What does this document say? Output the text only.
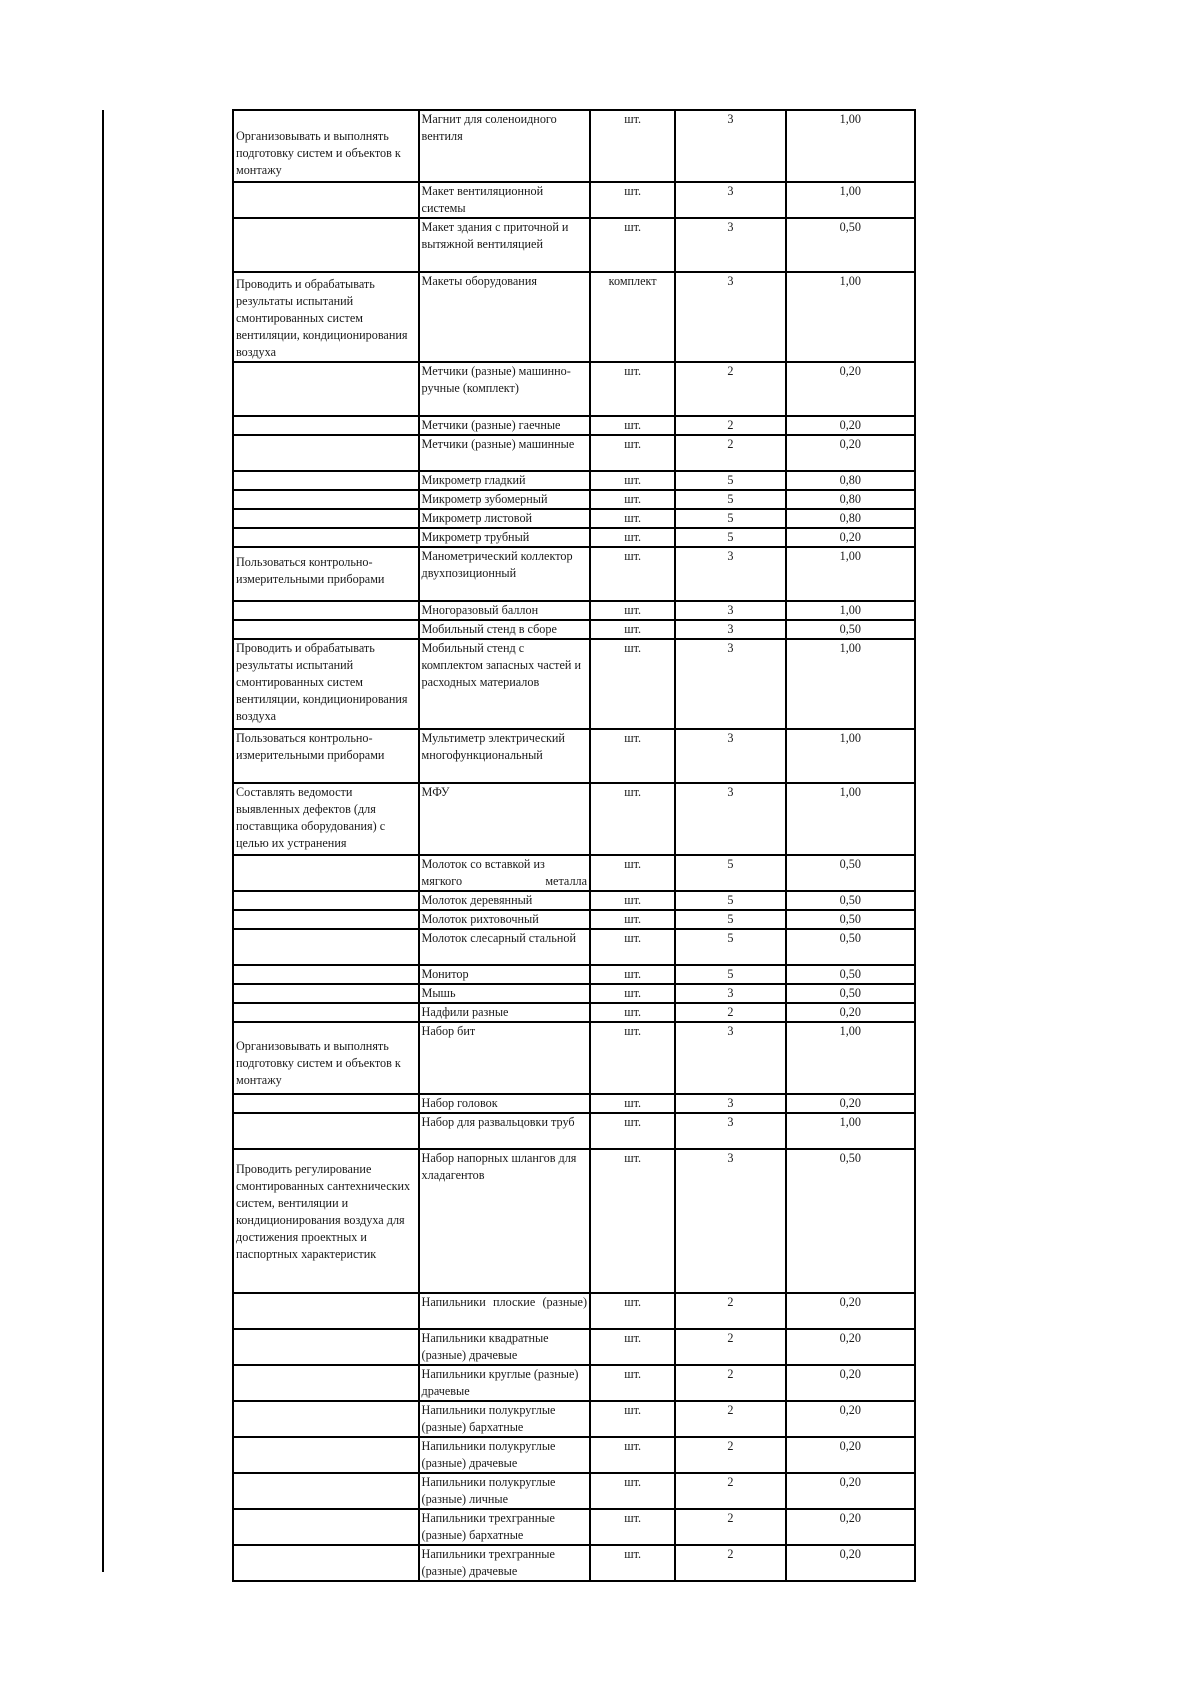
Организовывать и выполнять подготовку систем и объектов к монтажу	Магнит для соленоидного вентиля	шт.	3	1,00
	Макет вентиляционной системы	шт.	3	1,00
	Макет здания с приточной и вытяжной вентиляцией	шт.	3	0,50
Проводить и обрабатывать результаты испытаний смонтированных систем вентиляции, кондиционирования воздуха	Макеты оборудования	комплект	3	1,00
	Метчики (разные) машинно-ручные (комплект)	шт.	2	0,20
	Метчики (разные) гаечные	шт.	2	0,20
	Метчики (разные) машинные	шт.	2	0,20
	Микрометр гладкий	шт.	5	0,80
	Микрометр зубомерный	шт.	5	0,80
	Микрометр листовой	шт.	5	0,80
	Микрометр трубный	шт.	5	0,20
Пользоваться контрольно-измерительными приборами	Манометрический коллектор двухпозиционный	шт.	3	1,00
	Многоразовый баллон	шт.	3	1,00
	Мобильный стенд в сборе	шт.	3	0,50
Проводить и обрабатывать результаты испытаний смонтированных систем вентиляции, кондиционирования воздуха	Мобильный стенд с комплектом запасных частей и расходных материалов	шт.	3	1,00
Пользоваться контрольно-измерительными приборами	Мультиметр электрический многофункциональный	шт.	3	1,00
Составлять ведомости выявленных дефектов (для поставщика оборудования) с целью их устранения	МФУ	шт.	3	1,00
	Молоток со вставкой из мягкого металла	шт.	5	0,50
	Молоток деревянный	шт.	5	0,50
	Молоток рихтовочный	шт.	5	0,50
	Молоток слесарный стальной	шт.	5	0,50
	Монитор	шт.	5	0,50
	Мышь	шт.	3	0,50
	Надфили разные	шт.	2	0,20
Организовывать и выполнять подготовку систем и объектов к монтажу	Набор бит	шт.	3	1,00
	Набор головок	шт.	3	0,20
	Набор для развальцовки труб	шт.	3	1,00
Проводить регулирование смонтированных сантехнических систем, вентиляции и кондиционирования воздуха для достижения проектных и паспортных характеристик	Набор напорных шлангов для хладагентов	шт.	3	0,50
	Напильники плоские (разные)	шт.	2	0,20
	Напильники квадратные (разные) драчевые	шт.	2	0,20
	Напильники круглые (разные) драчевые	шт.	2	0,20
	Напильники полукруглые (разные) бархатные	шт.	2	0,20
	Напильники полукруглые (разные) драчевые	шт.	2	0,20
	Напильники полукруглые (разные) личные	шт.	2	0,20
	Напильники трехгранные (разные) бархатные	шт.	2	0,20
	Напильники трехгранные (разные) драчевые	шт.	2	0,20
